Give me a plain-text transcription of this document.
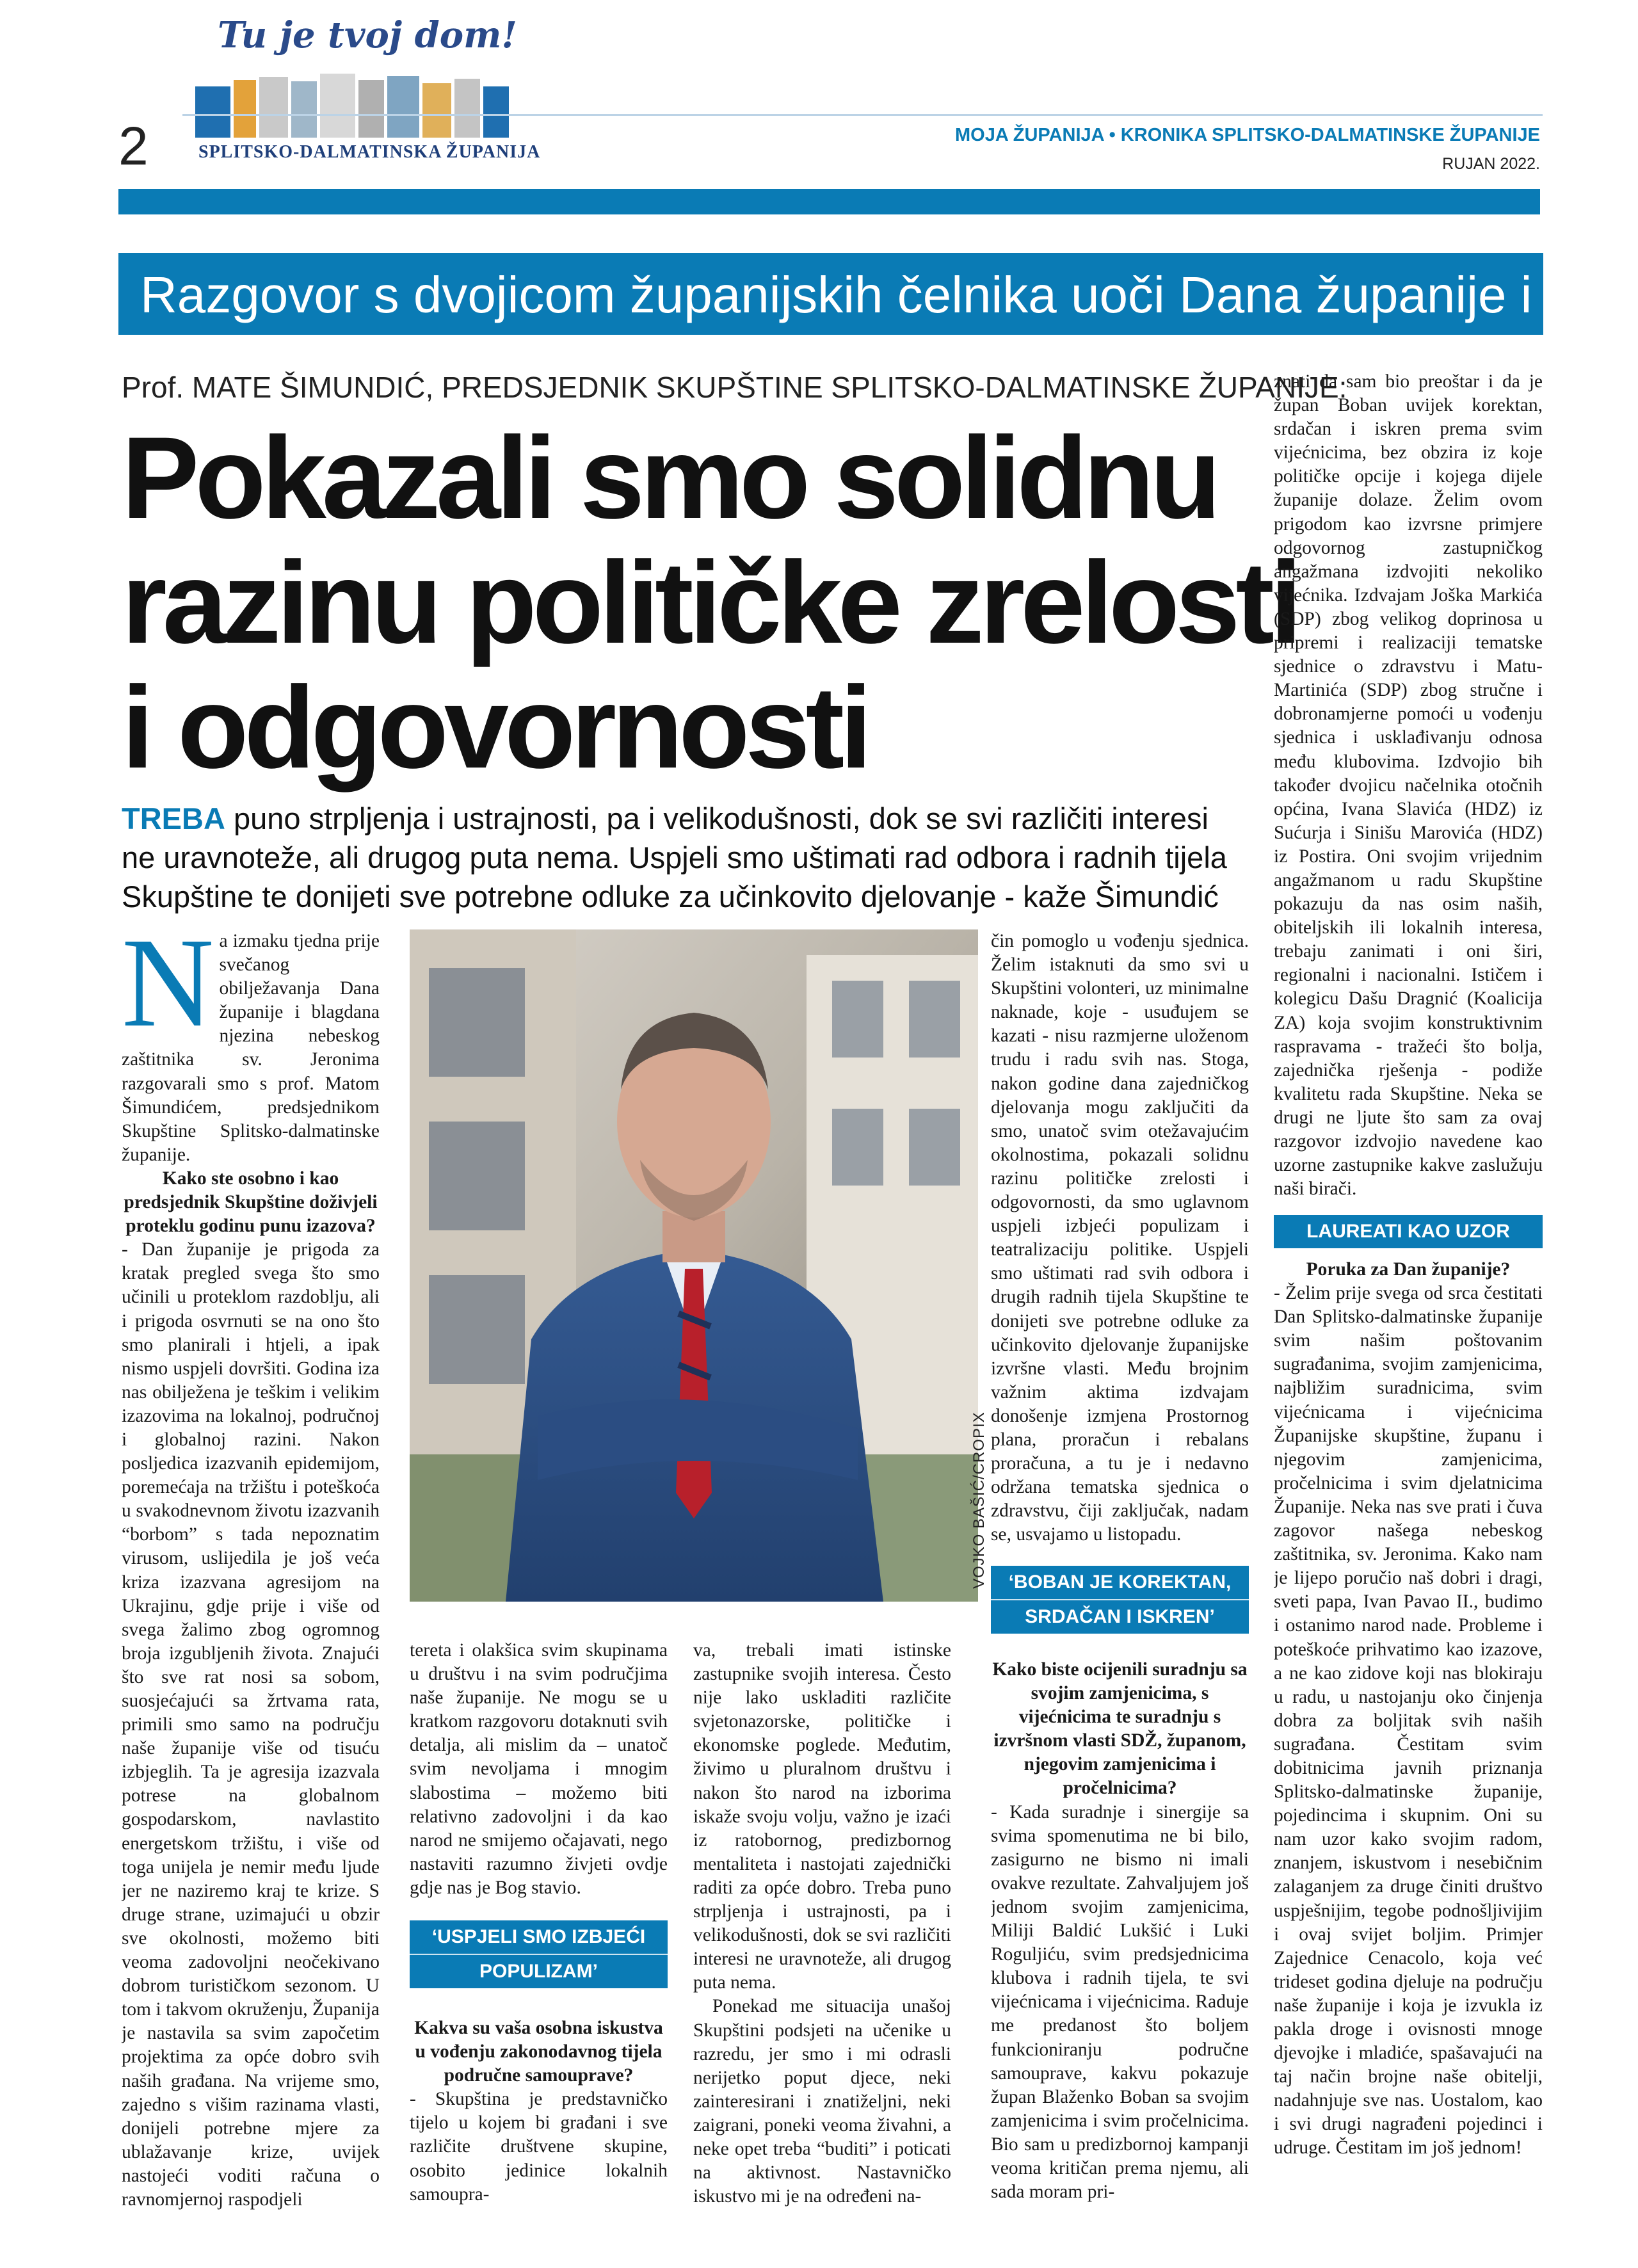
Tu je tvoj dom!
SPLITSKO-DALMATINSKA ŽUPANIJA
2	MOJA ŽUPANIJA • KRONIKA SPLITSKO-DALMATINSKE ŽUPANIJE
RUJAN 2022.
Razgovor s dvojicom županijskih čelnika uoči Dana županije i
Prof. MATE ŠIMUNDIĆ, PREDSJEDNIK SKUPŠTINE SPLITSKO-DALMATINSKE ŽUPANIJE:
Pokazali smo solidnu
razinu političke zrelosti
i odgovornosti
TREBA puno strpljenja i ustrajnosti, pa i velikodušnosti, dok se svi različiti interesi ne uravnoteže, ali drugog puta nema. Uspjeli smo uštimati rad odbora i radnih tijela Skupštine te donijeti sve potrebne odluke za učinkovito djelovanje - kaže Šimundić
VOJKO BAŠIĆ/CROPIX
N a izmaku tjedna prije svečanog obilježavanja Dana županije i blagdana njezina nebeskog zaštitnika sv. Jeronima razgovarali smo s prof. Matom Šimundićem, predsjednikom Skupštine Splitsko-dalmatinske županije.

Kako ste osobno i kao predsjednik Skupštine doživjeli proteklu godinu punu izazova?

- Dan županije je prigoda za kratak pregled svega što smo učinili u proteklom razdoblju, ali i prigoda osvrnuti se na ono što smo planirali i htjeli, a ipak nismo uspjeli dovršiti. Godina iza nas obilježena je teškim i velikim izazovima na lokalnoj, područnoj i globalnoj razini. Nakon posljedica izazvanih epidemijom, poremećaja na tržištu i poteškoća u svakodnevnom životu izazvanih “borbom” s tada nepoznatim virusom, uslijedila je još veća kriza izazvana agresijom na Ukrajinu, gdje prije i više od svega žalimo zbog ogromnog broja izgubljenih života. Znajući što sve rat nosi sa sobom, suosjećajući sa žrtvama rata, primili smo samo na području naše županije više od tisuću izbjeglih. Ta je agresija izazvala potrese na globalnom gospodarskom, navlastito energetskom tržištu, i više od toga unijela je nemir među ljude jer ne naziremo kraj te krize. S druge strane, uzimajući u obzir sve okolnosti, možemo biti veoma zadovoljni neočekivano dobrom turističkom sezonom. U tom i takvom okruženju, Županija je nastavila sa svim započetim projektima za opće dobro svih naših građana. Na vrijeme smo, zajedno s višim razinama vlasti, donijeli potrebne mjere za ublažavanje krize, uvijek nastojeći voditi računa o ravnomjernoj raspodjeli

tereta i olakšica svim skupinama u društvu i na svim područjima naše županije. Ne mogu se u kratkom razgovoru dotaknuti svih detalja, ali mislim da – unatoč svim nevoljama i mnogim slabostima – možemo biti relativno zadovoljni i da kao narod ne smijemo očajavati, nego nastaviti razumno živjeti ovdje gdje nas je Bog stavio.

‘USPJELI SMO IZBJEĆI
POPULIZAM’

Kakva su vaša osobna iskustva u vođenju zakonodavnog tijela područne samouprave?

- Skupština je predstavničko tijelo u kojem bi građani i sve različite društvene skupine, osobito jedinice lokalnih samoupra-

va, trebali imati istinske zastupnike svojih interesa. Često nije lako uskladiti različite svjetonazorske, političke i ekonomske poglede. Međutim, živimo u pluralnom društvu i nakon što narod na izborima iskaže svoju volju, važno je izaći iz ratobornog, predizbornog mentaliteta i nastojati zajednički raditi za opće dobro. Treba puno strpljenja i ustrajnosti, pa i velikodušnosti, dok se svi različiti interesi ne uravnoteže, ali drugog puta nema.

Ponekad me situacija unašoj Skupštini podsjeti na učenike u razredu, jer smo i mi odrasli nerijetko poput djece, neki zainteresirani i znatiželjni, neki zaigrani, poneki veoma živahni, a neke opet treba “buditi” i poticati na aktivnost. Nastavničko iskustvo mi je na određeni na-

čin pomoglo u vođenju sjednica. Želim istaknuti da smo svi u Skupštini volonteri, uz minimalne naknade, koje - usuđujem se kazati - nisu razmjerne uloženom trudu i radu svih nas. Stoga, nakon godine dana zajedničkog djelovanja mogu zaključiti da smo, unatoč svim otežavajućim okolnostima, pokazali solidnu razinu političke zrelosti i odgovornosti, da smo uglavnom uspjeli izbjeći populizam i teatralizaciju politike. Uspjeli smo uštimati rad svih odbora i drugih radnih tijela Skupštine te donijeti sve potrebne odluke za učinkovito djelovanje županijske izvršne vlasti. Među brojnim važnim aktima izdvajam donošenje izmjena Prostornog plana, proračun i rebalans proračuna, a tu je i nedavno održana tematska sjednica o zdravstvu, čiji zaključak, nadam se, usvajamo u listopadu.

‘BOBAN JE KOREKTAN,
SRDAČAN I ISKREN’

Kako biste ocijenili suradnju sa svojim zamjenicima, s vijećnicima te suradnju s izvršnom vlasti SDŽ, županom, njegovim zamjenicima i pročelnicima?

- Kada suradnje i sinergije sa svima spomenutima ne bi bilo, zasigurno ne bismo ni imali ovakve rezultate. Zahvaljujem još jednom svojim zamjenicima, Miliji Baldić Lukšić i Luki Roguljiću, svim predsjednicima klubova i radnih tijela, te svi vijećnicama i vijećnicima. Raduje me predanost što boljem funkcioniranju područne samouprave, kakvu pokazuje župan Blaženko Boban sa svojim zamjenicima i svim pročelnicima. Bio sam u predizbornoj kampanji veoma kritičan prema njemu, ali sada moram pri-

znati da sam bio preoštar i da je župan Boban uvijek korektan, srdačan i iskren prema svim vijećnicima, bez obzira iz koje političke opcije i kojega dijele županije dolaze. Želim ovom prigodom kao izvrsne primjere odgovornog zastupničkog angažmana izdvojiti nekoliko vijećnika. Izdvajam Joška Markića (SDP) zbog velikog doprinosa u pripremi i realizaciji tematske sjednice o zdravstvu i Matu-Martinića (SDP) zbog stručne i dobronamjerne pomoći u vođenju sjednica i usklađivanju odnosa među klubovima. Izdvojio bih također dvojicu načelnika otočnih općina, Ivana Slavića (HDZ) iz Sućurja i Sinišu Marovića (HDZ) iz Postira. Oni svojim vrijednim angažmanom u radu Skupštine pokazuju da nas osim naših, obiteljskih ili lokalnih interesa, trebaju zanimati i oni širi, regionalni i nacionalni. Ističem i kolegicu Dašu Dragnić (Koalicija ZA) koja svojim konstruktivnim raspravama - tražeći što bolja, zajednička rješenja - podiže kvalitetu rada Skupštine. Neka se drugi ne ljute što sam za ovaj razgovor izdvojio navedene kao uzorne zastupnike kakve zaslužuju naši birači.

LAUREATI KAO UZOR

Poruka za Dan županije?

- Želim prije svega od srca čestitati Dan Splitsko-dalmatinske županije svim našim poštovanim sugrađanima, svojim zamjenicima, najbližim suradnicima, svim vijećnicama i vijećnicima Županijske skupštine, županu i njegovim zamjenicima, pročelnicima i svim djelatnicima Županije. Neka nas sve prati i čuva zagovor našega nebeskog zaštitnika, sv. Jeronima. Kako nam je lijepo poručio naš dobri i dragi, sveti papa, Ivan Pavao II., budimo i ostanimo narod nade. Probleme i poteškoće prihvatimo kao izazove, a ne kao zidove koji nas blokiraju u radu, u nastojanju oko činjenja dobra za boljitak svih naših sugrađana. Čestitam svim dobitnicima javnih priznanja Splitsko-dalmatinske županije, pojedincima i skupnim. Oni su nam uzor kako svojim radom, znanjem, iskustvom i nesebičnim zalaganjem za druge činiti društvo uspješnijim, tegobe podnošljivijim i ovaj svijet boljim. Primjer Zajednice Cenacolo, koja već trideset godina djeluje na području naše županije i koja je izvukla iz pakla droge i ovisnosti mnoge djevojke i mladiće, spašavajući na taj način brojne naše obitelji, nadahnjuje sve nas. Uostalom, kao i svi drugi nagrađeni pojedinci i udruge. Čestitam im još jednom!
